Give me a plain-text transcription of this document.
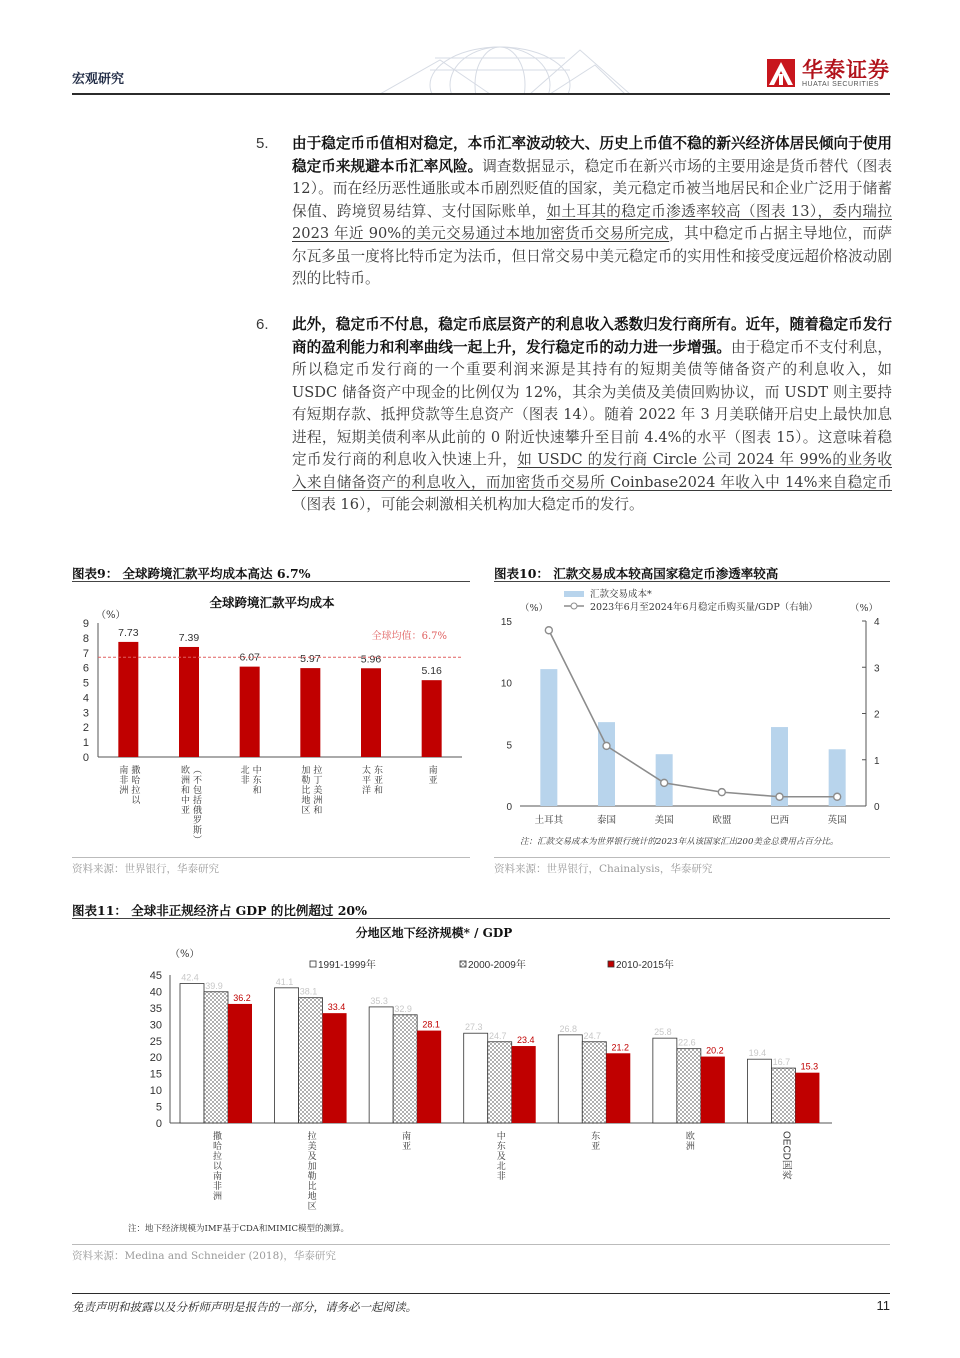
宏观研究	华泰证券
HUATAI SECURITIES
5. 由于稳定币币值相对稳定，本币汇率波动较大、历史上币值不稳的新兴经济体居民倾向于使用稳定币来规避本币汇率风险。调查数据显示，稳定币在新兴市场的主要用途是货币替代（图表 12）。而在经历恶性通胀或本币剧烈贬值的国家，美元稳定币被当地居民和企业广泛用于储蓄保值、跨境贸易结算、支付国际账单，如土耳其的稳定币渗透率较高（图表 13），委内瑞拉 2023 年近 90%的美元交易通过本地加密货币交易所完成，其中稳定币占据主导地位，而萨尔瓦多虽一度将比特币定为法币，但日常交易中美元稳定币的实用性和接受度远超价格波动剧烈的比特币。
6. 此外，稳定币不付息，稳定币底层资产的利息收入悉数归发行商所有。近年，随着稳定币发行商的盈利能力和利率曲线一起上升，发行稳定币的动力进一步增强。由于稳定币不支付利息，所以稳定币发行商的一个重要利润来源是其持有的短期美债等储备资产的利息收入，如 USDC 储备资产中现金的比例仅为 12%，其余为美债及美债回购协议，而 USDT 则主要持有短期存款、抵押贷款等生息资产（图表 14）。随着 2022 年 3 月美联储开启史上最快加息进程，短期美债利率从此前的 0 附近快速攀升至目前 4.4%的水平（图表 15）。这意味着稳定币发行商的利息收入快速上升，如 USDC 的发行商 Circle 公司 2024 年 99%的业务收入来自储备资产的利息收入，而加密货币交易所 Coinbase2024 年收入中 14%来自稳定币（图表 16），可能会刺激相关机构加大稳定币的发行。
图表9： 全球跨境汇款平均成本高达 6.7%
全球跨境汇款平均成本
（%）
0
1
2
3
4
5
6
7
8
9
7.73	7.39
6.07	5.97	5.96
5.16
撒哈拉以
南非洲	欧洲和中亚 （不包括俄罗斯）	中东和
北非	拉丁美洲和
加勒比地区	东亚和
太平洋	南亚
全球均值：6.7%
资料来源：世界银行，华泰研究
图表10： 汇款交易成本较高国家稳定币渗透率较高
汇款交易成本*
2023年6月至2024年6月稳定币购买量/GDP（右轴）
（%）	（%）
0
5
10
15
0
1
2
3
4
土耳其	泰国	美国	欧盟	巴西	英国
注：汇款交易成本为世界银行统计的2023年从该国家汇出200美金总费用占百分比。
资料来源：世界银行，Chainalysis，华泰研究
图表11： 全球非正规经济占 GDP 的比例超过 20%
分地区地下经济规模* / GDP
（%）
1991-1999年	2000-2009年	2010-2015年
0
5
10
15
20
25
30
35
40
45 42.4
39.9
36.2
41.1
38.1
33.4
35.3
32.9
28.1	27.3
24.7 23.4
26.8
24.7
21.2
25.8
22.6
20.2	19.4
16.7 15.3
撒哈拉以南非洲	拉美及加勒比地区	南亚	中东及北非	东亚	欧洲	OECD国家
注：地下经济规模为IMF基于CDA和MIMIC模型的测算。
资料来源：Medina and Schneider (2018)，华泰研究
免责声明和披露以及分析师声明是报告的一部分，请务必一起阅读。	11
